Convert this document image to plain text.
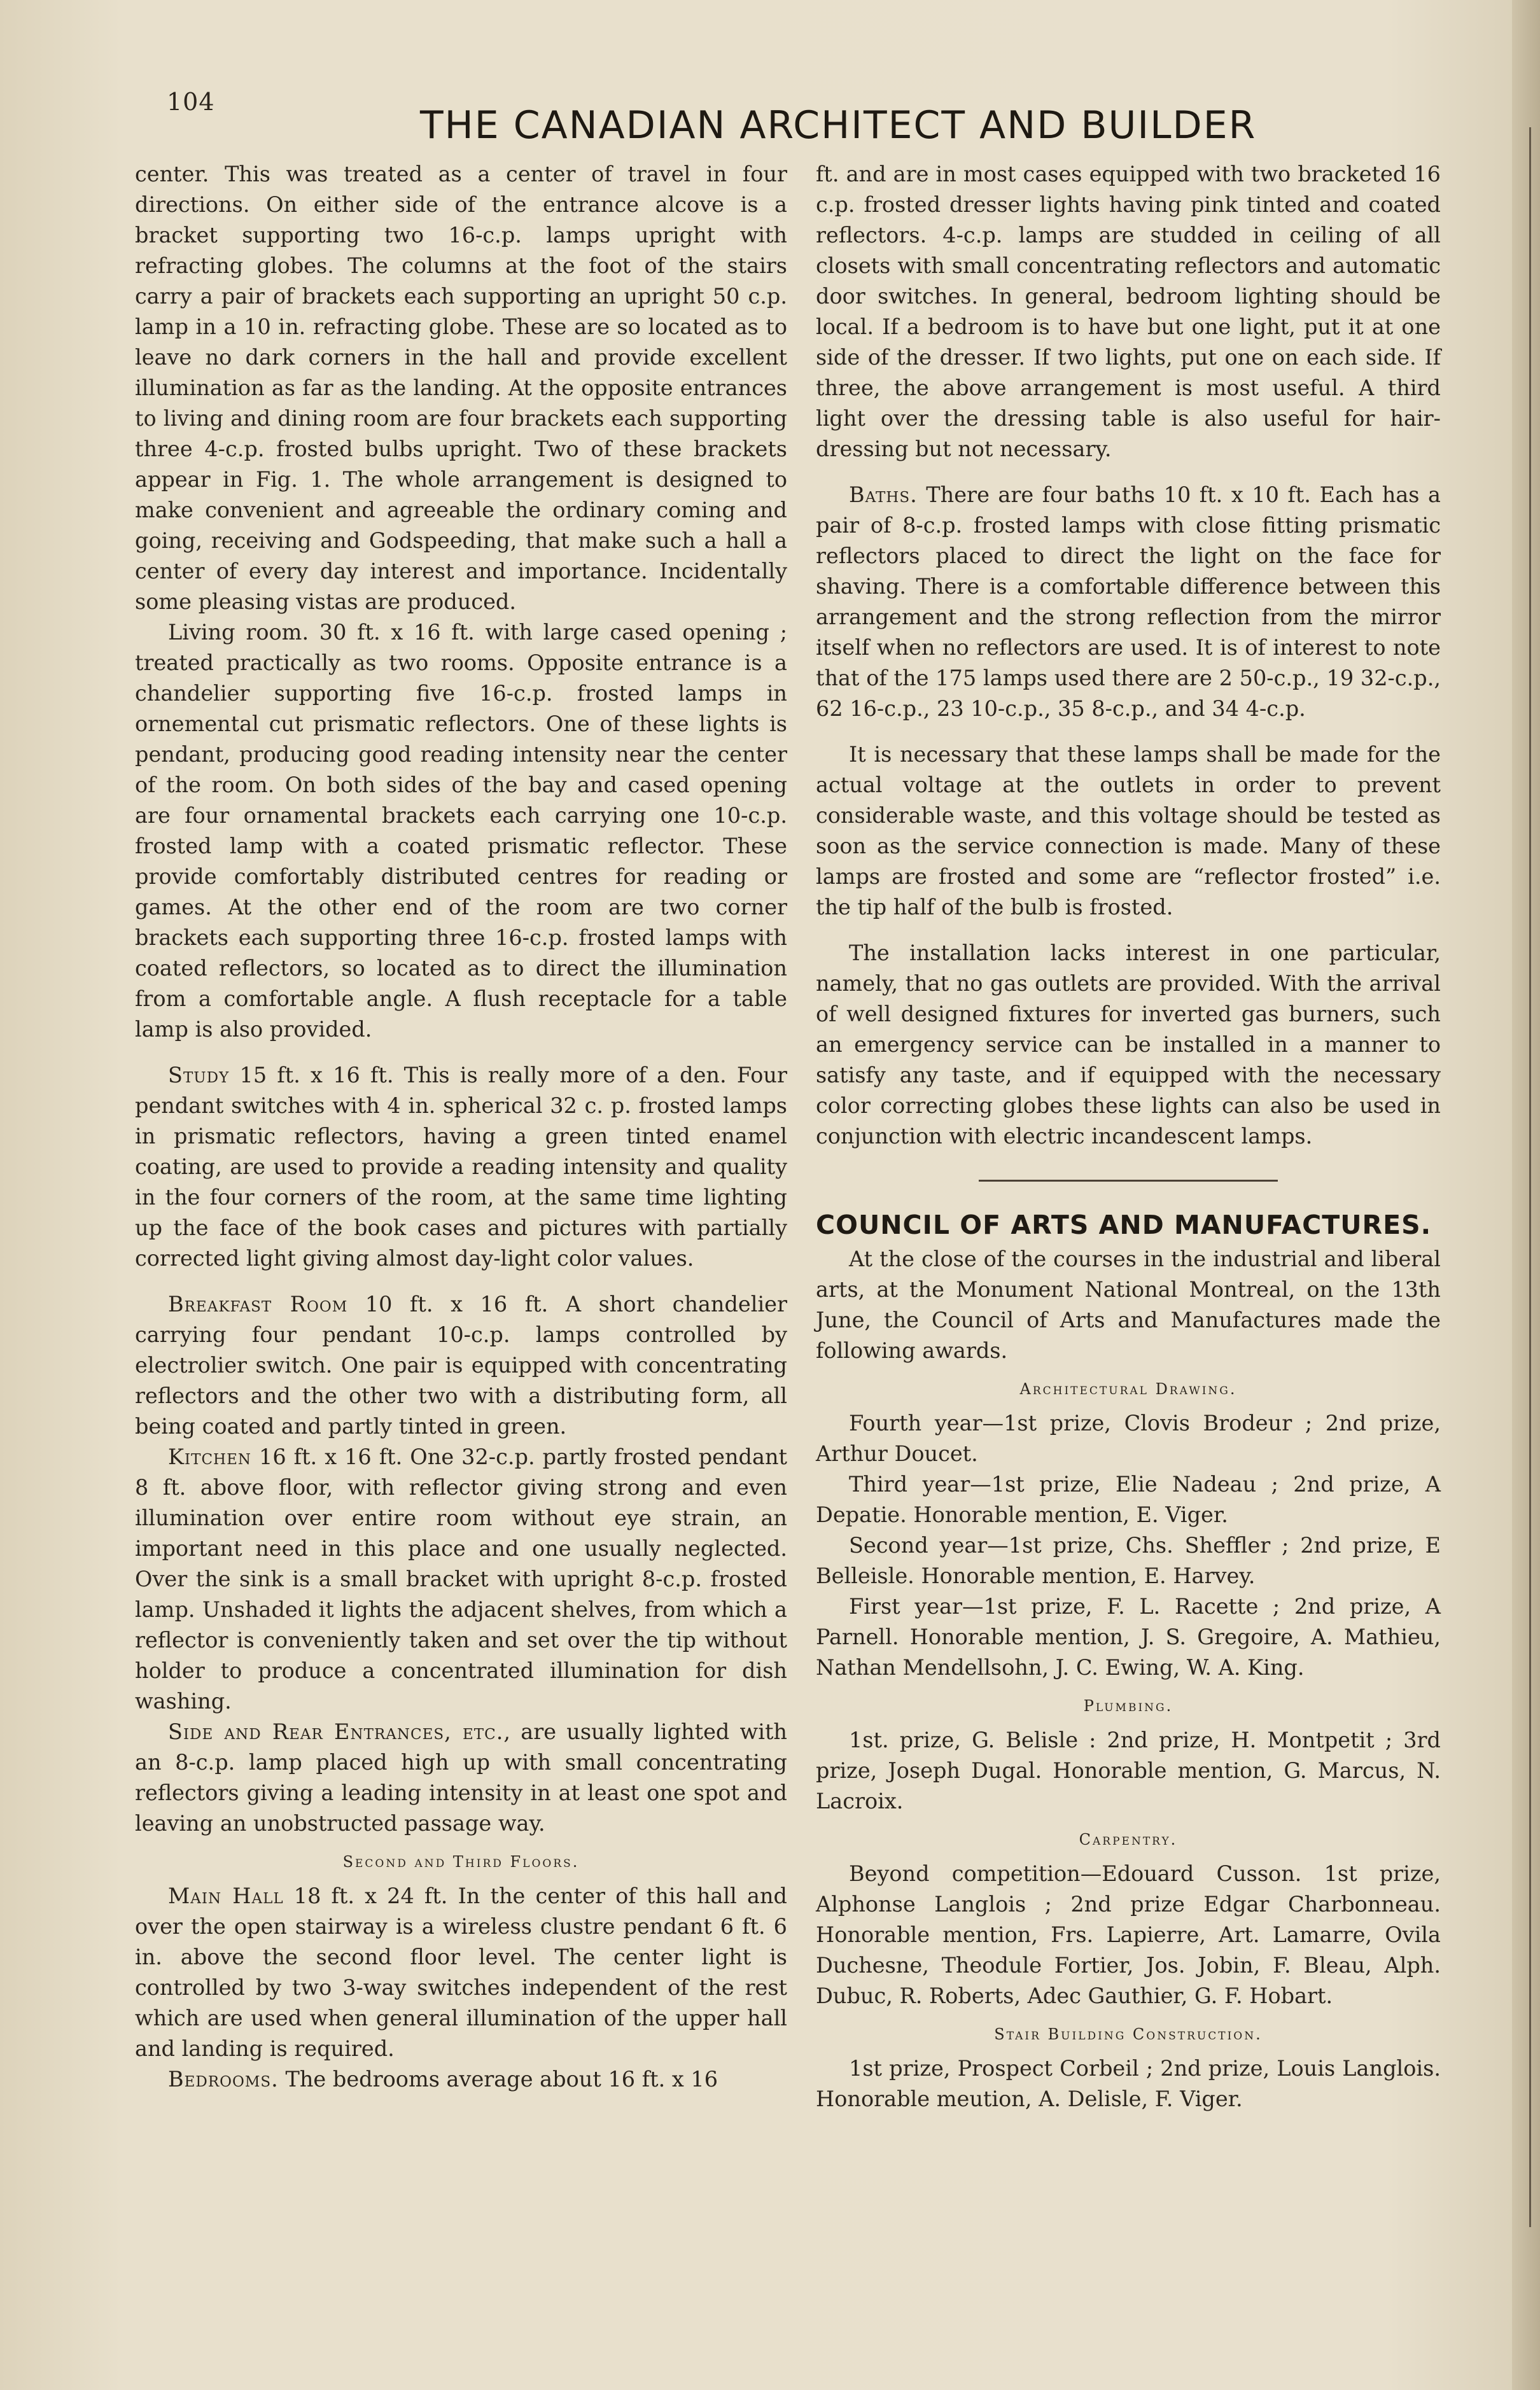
104
THE CANADIAN ARCHITECT AND BUILDER

center. This was treated as a center of travel in four directions. On either side of the entrance alcove is a bracket supporting two 16-c.p. lamps upright with refracting globes. The columns at the foot of the stairs carry a pair of brackets each supporting an upright 50 c.p. lamp in a 10 in. refracting globe. These are so located as to leave no dark corners in the hall and provide excellent illumination as far as the landing. At the opposite entrances to living and dining room are four brackets each supporting three 4-c.p. frosted bulbs upright. Two of these brackets appear in Fig. 1. The whole arrangement is designed to make convenient and agreeable the ordinary coming and going, receiving and Godspeeding, that make such a hall a center of every day interest and importance. Incidentally some pleasing vistas are produced.

Living room. 30 ft. x 16 ft. with large cased opening ; treated practically as two rooms. Opposite entrance is a chandelier supporting five 16-c.p. frosted lamps in ornemental cut prismatic reflectors. One of these lights is pendant, producing good reading intensity near the center of the room. On both sides of the bay and cased opening are four ornamental brackets each carrying one 10-c.p. frosted lamp with a coated prismatic reflector. These provide comfortably distributed centres for reading or games. At the other end of the room are two corner brackets each supporting three 16-c.p. frosted lamps with coated reflectors, so located as to direct the illumination from a comfortable angle. A flush receptacle for a table lamp is also provided.

Study 15 ft. x 16 ft. This is really more of a den. Four pendant switches with 4 in. spherical 32 c. p. frosted lamps in prismatic reflectors, having a green tinted enamel coating, are used to provide a reading intensity and quality in the four corners of the room, at the same time lighting up the face of the book cases and pictures with partially corrected light giving almost day-light color values.

Breakfast Room 10 ft. x 16 ft. A short chandelier carrying four pendant 10-c.p. lamps controlled by electrolier switch. One pair is equipped with concentrating reflectors and the other two with a distributing form, all being coated and partly tinted in green.

Kitchen 16 ft. x 16 ft. One 32-c.p. partly frosted pendant 8 ft. above floor, with reflector giving strong and even illumination over entire room without eye strain, an important need in this place and one usually neglected. Over the sink is a small bracket with upright 8-c.p. frosted lamp. Unshaded it lights the adjacent shelves, from which a reflector is conveniently taken and set over the tip without holder to produce a concentrated illumination for dish washing.

Side and Rear Entrances, etc., are usually lighted with an 8-c.p. lamp placed high up with small concentrating reflectors giving a leading intensity in at least one spot and leaving an unobstructed passage way.

Second and Third Floors.

Main Hall 18 ft. x 24 ft. In the center of this hall and over the open stairway is a wireless clustre pendant 6 ft. 6 in. above the second floor level. The center light is controlled by two 3-way switches independent of the rest which are used when general illumination of the upper hall and landing is required.

Bedrooms. The bedrooms average about 16 ft. x 16

ft. and are in most cases equipped with two bracketed 16 c.p. frosted dresser lights having pink tinted and coated reflectors. 4-c.p. lamps are studded in ceiling of all closets with small concentrating reflectors and automatic door switches. In general, bedroom lighting should be local. If a bedroom is to have but one light, put it at one side of the dresser. If two lights, put one on each side. If three, the above arrangement is most useful. A third light over the dressing table is also useful for hair-dressing but not necessary.

Baths. There are four baths 10 ft. x 10 ft. Each has a pair of 8-c.p. frosted lamps with close fitting prismatic reflectors placed to direct the light on the face for shaving. There is a comfortable difference between this arrangement and the strong reflection from the mirror itself when no reflectors are used. It is of interest to note that of the 175 lamps used there are 2 50-c.p., 19 32-c.p., 62 16-c.p., 23 10-c.p., 35 8-c.p., and 34 4-c.p.

It is necessary that these lamps shall be made for the actual voltage at the outlets in order to prevent considerable waste, and this voltage should be tested as soon as the service connection is made. Many of these lamps are frosted and some are “reflector frosted” i.e. the tip half of the bulb is frosted.

The installation lacks interest in one particular, namely, that no gas outlets are provided. With the arrival of well designed fixtures for inverted gas burners, such an emergency service can be installed in a manner to satisfy any taste, and if equipped with the necessary color correcting globes these lights can also be used in conjunction with electric incandescent lamps.

COUNCIL OF ARTS AND MANUFACTURES.

At the close of the courses in the industrial and liberal arts, at the Monument National Montreal, on the 13th June, the Council of Arts and Manufactures made the following awards.

Architectural Drawing.

Fourth year—1st prize, Clovis Brodeur ; 2nd prize, Arthur Doucet.

Third year—1st prize, Elie Nadeau ; 2nd prize, A Depatie. Honorable mention, E. Viger.

Second year—1st prize, Chs. Sheffler ; 2nd prize, E Belleisle. Honorable mention, E. Harvey.

First year—1st prize, F. L. Racette ; 2nd prize, A Parnell. Honorable mention, J. S. Gregoire, A. Mathieu, Nathan Mendellsohn, J. C. Ewing, W. A. King.

Plumbing.

1st. prize, G. Belisle : 2nd prize, H. Montpetit ; 3rd prize, Joseph Dugal. Honorable mention, G. Marcus, N. Lacroix.

Carpentry.

Beyond competition—Edouard Cusson. 1st prize, Alphonse Langlois ; 2nd prize Edgar Charbonneau. Honorable mention, Frs. Lapierre, Art. Lamarre, Ovila Duchesne, Theodule Fortier, Jos. Jobin, F. Bleau, Alph. Dubuc, R. Roberts, Adec Gauthier, G. F. Hobart.

Stair Building Construction.

1st prize, Prospect Corbeil ; 2nd prize, Louis Langlois. Honorable meution, A. Delisle, F. Viger.
